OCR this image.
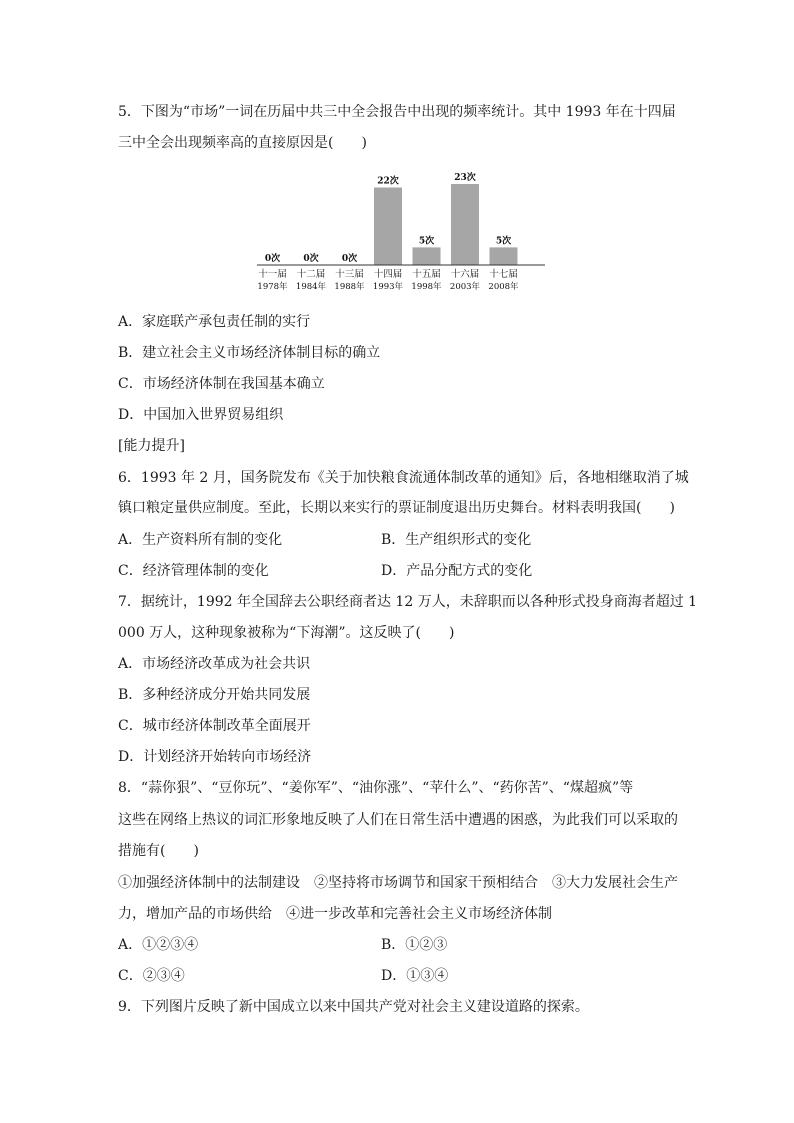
5．下图为“市场”一词在历届中共三中全会报告中出现的频率统计。其中 1993 年在十四届
三中全会出现频率高的直接原因是(　　)
0次
十一届
1978年
0次
十二届
1984年
0次
十三届
1988年
22次
十四届
1993年
5次
十五届
1998年
23次
十六届
2003年
5次
十七届
2008年
A．家庭联产承包责任制的实行
B．建立社会主义市场经济体制目标的确立
C．市场经济体制在我国基本确立
D．中国加入世界贸易组织
[能力提升]
6．1993 年 2 月，国务院发布《关于加快粮食流通体制改革的通知》后，各地相继取消了城
镇口粮定量供应制度。至此，长期以来实行的票证制度退出历史舞台。材料表明我国(　　)
A．生产资料所有制的变化	B．生产组织形式的变化
C．经济管理体制的变化	D．产品分配方式的变化
7．据统计，1992 年全国辞去公职经商者达 12 万人，未辞职而以各种形式投身商海者超过 1
000 万人，这种现象被称为“下海潮”。这反映了(　　)
A．市场经济改革成为社会共识
B．多种经济成分开始共同发展
C．城市经济体制改革全面展开
D．计划经济开始转向市场经济
8．“蒜你狠”、“豆你玩”、“姜你军”、“油你涨”、“苹什么”、“药你苦”、“煤超疯”等
这些在网络上热议的词汇形象地反映了人们在日常生活中遭遇的困惑，为此我们可以采取的
措施有(　　)
①加强经济体制中的法制建设　②坚持将市场调节和国家干预相结合　③大力发展社会生产
力，增加产品的市场供给　④进一步改革和完善社会主义市场经济体制
A．①②③④	B．①②③
C．②③④	D．①③④
9．下列图片反映了新中国成立以来中国共产党对社会主义建设道路的探索。
